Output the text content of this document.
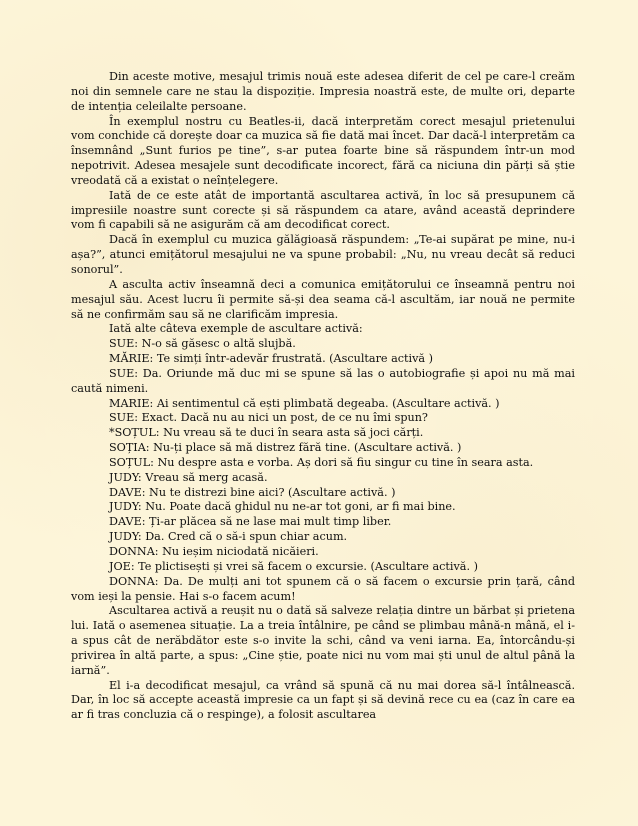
Din aceste motive, mesajul trimis nouă este adesea diferit de cel pe care-l creăm noi din semnele care ne stau la dispoziție. Impresia noastră este, de multe ori, departe de intenția celeilalte persoane.

În exemplul nostru cu Beatles-ii, dacă interpretăm corect mesajul prietenului vom conchide că dorește doar ca muzica să fie dată mai încet. Dar dacă-l interpretăm ca însemnând „Sunt furios pe tine”, s-ar putea foarte bine să răspundem într-un mod nepotrivit. Adesea mesajele sunt decodificate incorect, fără ca niciuna din părți să știe vreodată că a existat o neînțelegere.

Iată de ce este atât de importantă ascultarea activă, în loc să presupunem că impresiile noastre sunt corecte și să răspundem ca atare, având această deprindere vom fi capabili să ne asigurăm că am decodificat corect.

Dacă în exemplul cu muzica gălăgioasă răspundem: „Te-ai supărat pe mine, nu-i așa?”, atunci emițătorul mesajului ne va spune probabil: „Nu, nu vreau decât să reduci sonorul”.

A asculta activ înseamnă deci a comunica emițătorului ce înseamnă pentru noi mesajul său. Acest lucru îi permite să-și dea seama că-l ascultăm, iar nouă ne permite să ne confirmăm sau să ne clarificăm impresia.

Iată alte câteva exemple de ascultare activă:

SUE: N-o să găsesc o altă slujbă.

MĂRIE: Te simți într-adevăr frustrată. (Ascultare activă )

SUE: Da. Oriunde mă duc mi se spune să las o autobiografie și apoi nu mă mai caută nimeni.

MARIE: Ai sentimentul că ești plimbată degeaba. (Ascultare activă. )

SUE: Exact. Dacă nu au nici un post, de ce nu îmi spun?

*SOȚUL: Nu vreau să te duci în seara asta să joci cărți.

SOȚIA: Nu-ți place să mă distrez fără tine. (Ascultare activă. )

SOȚUL: Nu despre asta e vorba. Aș dori să fiu singur cu tine în seara asta.

JUDY: Vreau să merg acasă.

DAVE: Nu te distrezi bine aici? (Ascultare activă. )

JUDY: Nu. Poate dacă ghidul nu ne-ar tot goni, ar fi mai bine.

DAVE: Ți-ar plăcea să ne lase mai mult timp liber.

JUDY: Da. Cred că o să-i spun chiar acum.

DONNA: Nu ieșim niciodată nicăieri.

JOE: Te plictisești și vrei să facem o excursie. (Ascultare activă. )

DONNA: Da. De mulți ani tot spunem că o să facem o excursie prin țară, când vom ieși la pensie. Hai s-o facem acum!

Ascultarea activă a reușit nu o dată să salveze relația dintre un bărbat și prietena lui. Iată o asemenea situație. La a treia întâlnire, pe când se plimbau mână-n mână, el i-a spus cât de nerăbdător este s-o invite la schi, când va veni iarna. Ea, întorcându-și privirea în altă parte, a spus: „Cine știe, poate nici nu vom mai ști unul de altul până la iarnă”.

El i-a decodificat mesajul, ca vrând să spună că nu mai dorea să-l întâlnească. Dar, în loc să accepte această impresie ca un fapt și să devină rece cu ea (caz în care ea ar fi tras concluzia că o respinge), a folosit ascultarea
